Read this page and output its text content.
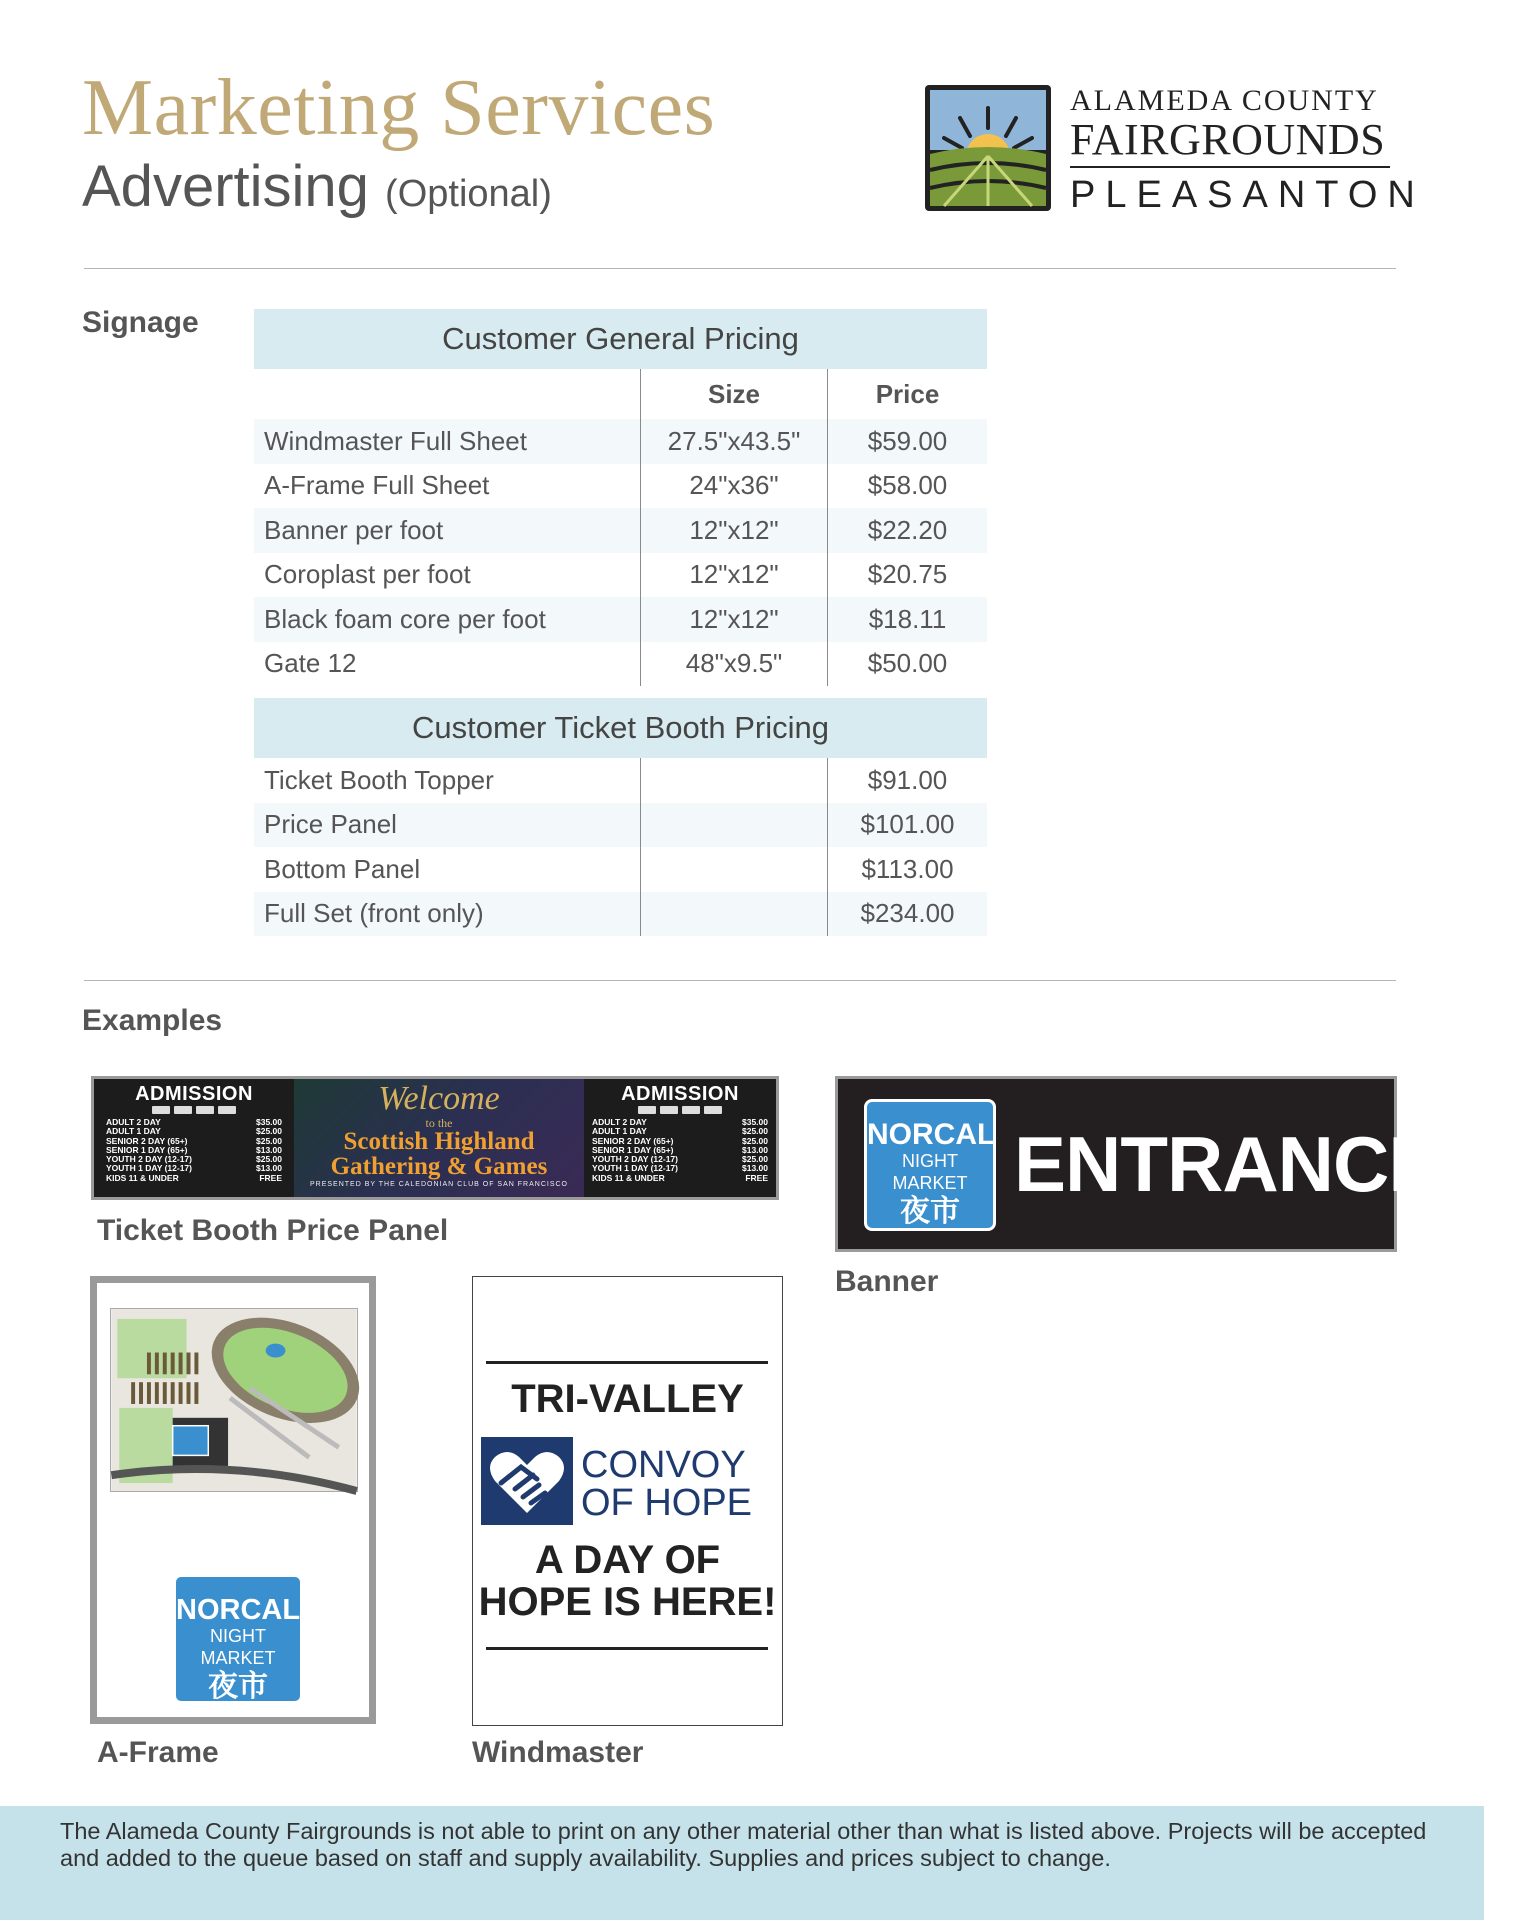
Marketing Services
Advertising (Optional)
ALAMEDA COUNTY
FAIRGROUNDS
PLEASANTON
Signage	Customer General Pricing
Size	Price
Windmaster Full Sheet	27.5"x43.5"	$59.00
A-Frame Full Sheet	24"x36"	$58.00
Banner per foot	12"x12"	$22.20
Coroplast per foot	12"x12"	$20.75
Black foam core per foot	12"x12"	$18.11
Gate 12	48"x9.5"	$50.00
Customer Ticket Booth Pricing
Ticket Booth Topper	$91.00
Price Panel	$101.00
Bottom Panel	$113.00
Full Set (front only)	$234.00
Examples
ADMISSION
ADULT 2 DAY	$35.00
ADULT 1 DAY	$25.00
SENIOR 2 DAY (65+)	$25.00
SENIOR 1 DAY (65+)	$13.00
YOUTH 2 DAY (12-17)	$25.00
YOUTH 1 DAY (12-17)	$13.00
KIDS 11 & UNDER	FREE
Welcome
to the
Scottish Highland
Gathering & Games
PRESENTED BY THE CALEDONIAN CLUB OF SAN FRANCISCO
ADMISSION
ADULT 2 DAY	$35.00
ADULT 1 DAY	$25.00
SENIOR 2 DAY (65+)	$25.00
SENIOR 1 DAY (65+)	$13.00
YOUTH 2 DAY (12-17)	$25.00
YOUTH 1 DAY (12-17)	$13.00
KIDS 11 & UNDER	FREE
Ticket Booth Price Panel
NORCAL
NIGHT MARKET
夜市
ENTRANCE →
Banner
NORCAL
NIGHT MARKET
夜市
A-Frame
TRI-VALLEY
CONVOY
OF HOPE
A DAY OF
HOPE IS HERE!
Windmaster

The Alameda County Fairgrounds is not able to print on any other material other than what is listed above. Projects will be accepted and added to the queue based on staff and supply availability. Supplies and prices subject to change.
